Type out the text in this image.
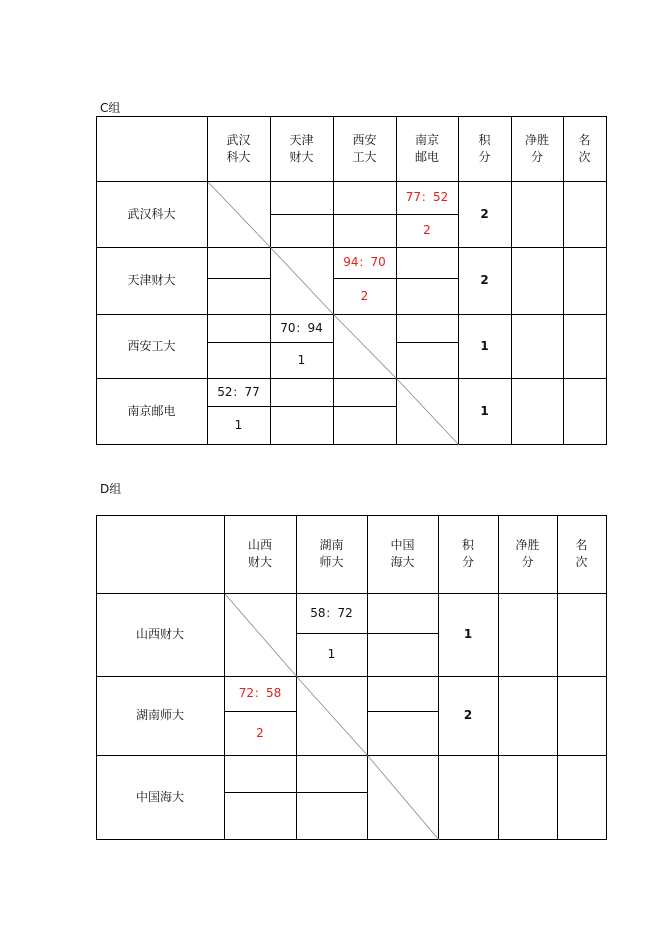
C组
武汉
科大
天津
财大
西安
工大
南京
邮电
积
分
净胜
分
名
次
武汉科大
77：52
2
2
天津财大
94：70
2
2
西安工大
70：94
1
1
南京邮电
52：77
1
1
D组
山西
财大
湖南
师大
中国
海大
积
分
净胜
分
名
次
山西财大
58：72
1
1
湖南师大
72：58
2
2
中国海大
